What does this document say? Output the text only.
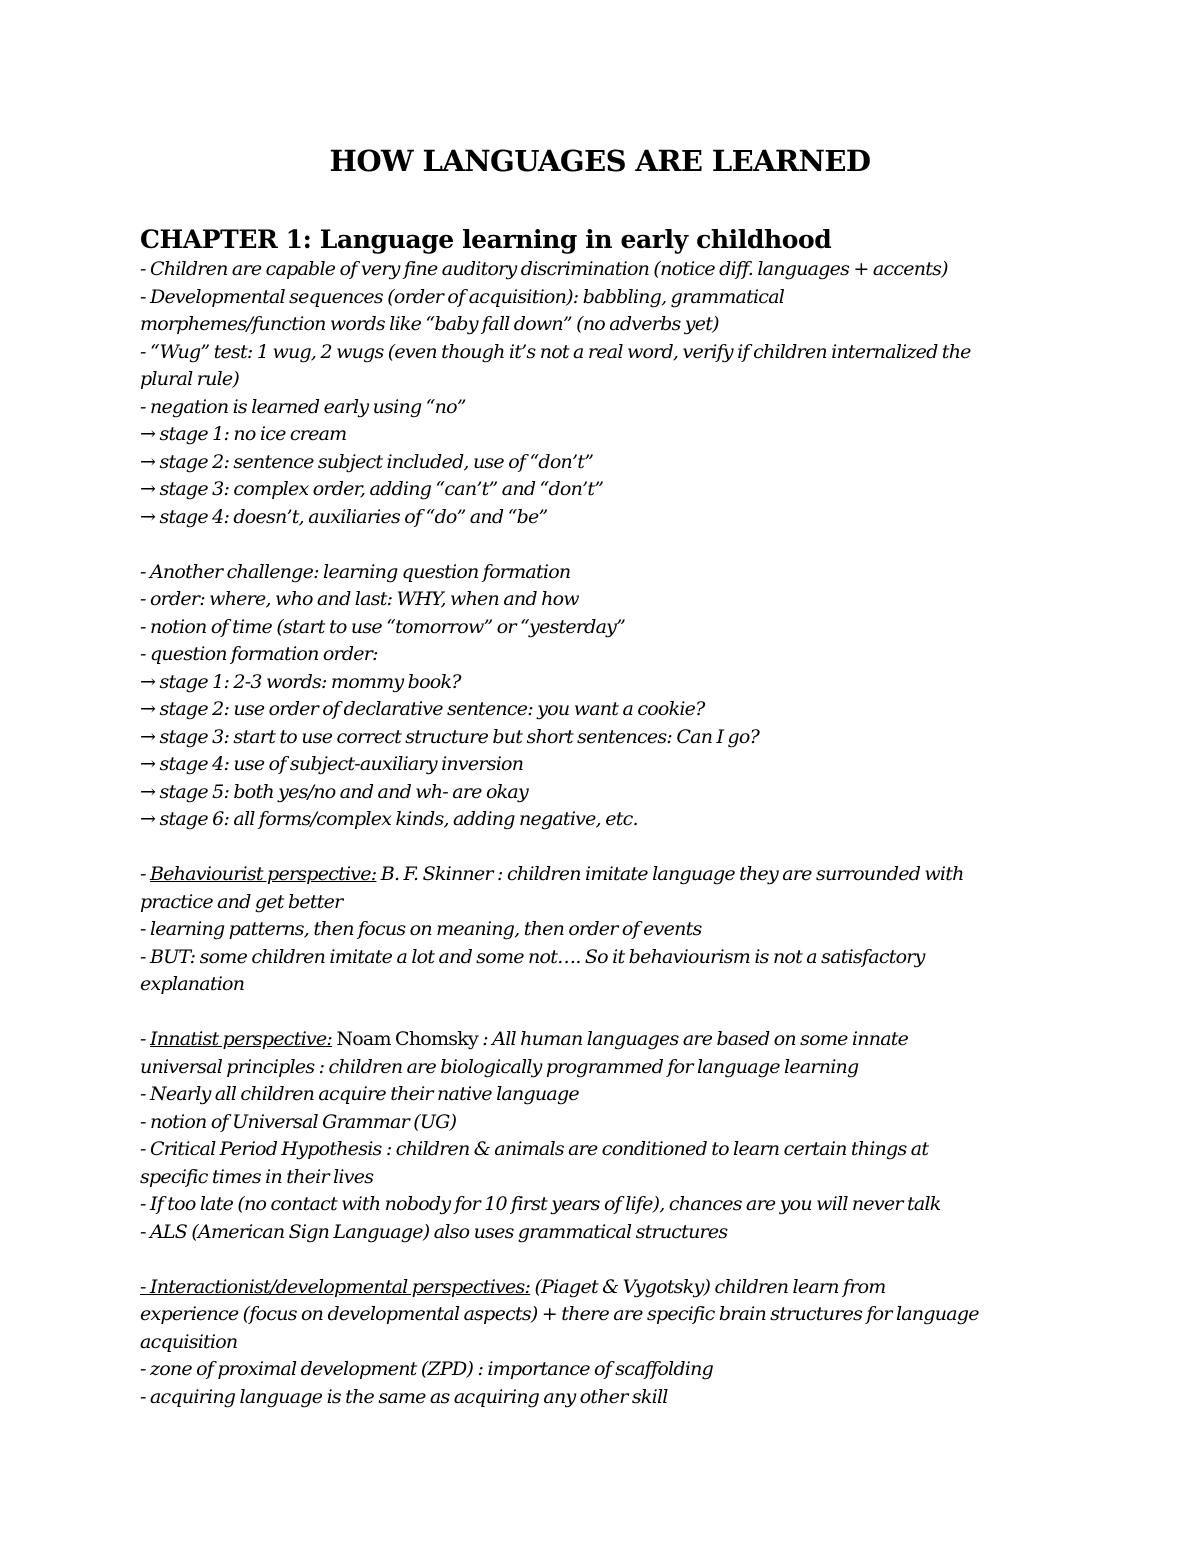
HOW LANGUAGES ARE LEARNED
CHAPTER 1: Language learning in early childhood
- Children are capable of very fine auditory discrimination (notice diff. languages + accents)
- Developmental sequences (order of acquisition): babbling, grammatical
morphemes/function words like “baby fall down” (no adverbs yet)
- “Wug” test: 1 wug, 2 wugs (even though it’s not a real word, verify if children internalized the
plural rule)
- negation is learned early using “no”
→ stage 1: no ice cream
→ stage 2: sentence subject included, use of “don’t”
→ stage 3: complex order, adding “can’t” and “don’t”
→ stage 4: doesn’t, auxiliaries of “do” and “be”
- Another challenge: learning question formation
- order: where, who and last: WHY, when and how
- notion of time (start to use “tomorrow” or “yesterday”
- question formation order:
→ stage 1: 2-3 words: mommy book?
→ stage 2: use order of declarative sentence: you want a cookie?
→ stage 3: start to use correct structure but short sentences: Can I go?
→ stage 4: use of subject-auxiliary inversion
→ stage 5: both yes/no and and wh- are okay
→ stage 6: all forms/complex kinds, adding negative, etc.
- Behaviourist perspective: B. F. Skinner : children imitate language they are surrounded with
practice and get better
- learning patterns, then focus on meaning, then order of events
- BUT: some children imitate a lot and some not…. So it behaviourism is not a satisfactory
explanation
- Innatist perspective: Noam Chomsky : All human languages are based on some innate
universal principles : children are biologically programmed for language learning
- Nearly all children acquire their native language
- notion of Universal Grammar (UG)
- Critical Period Hypothesis : children & animals are conditioned to learn certain things at
specific times in their lives
- If too late (no contact with nobody for 10 first years of life), chances are you will never talk
- ALS (American Sign Language) also uses grammatical structures
- Interactionist/developmental perspectives: (Piaget & Vygotsky) children learn from
experience (focus on developmental aspects) + there are specific brain structures for language
acquisition
- zone of proximal development (ZPD) : importance of scaffolding
- acquiring language is the same as acquiring any other skill
